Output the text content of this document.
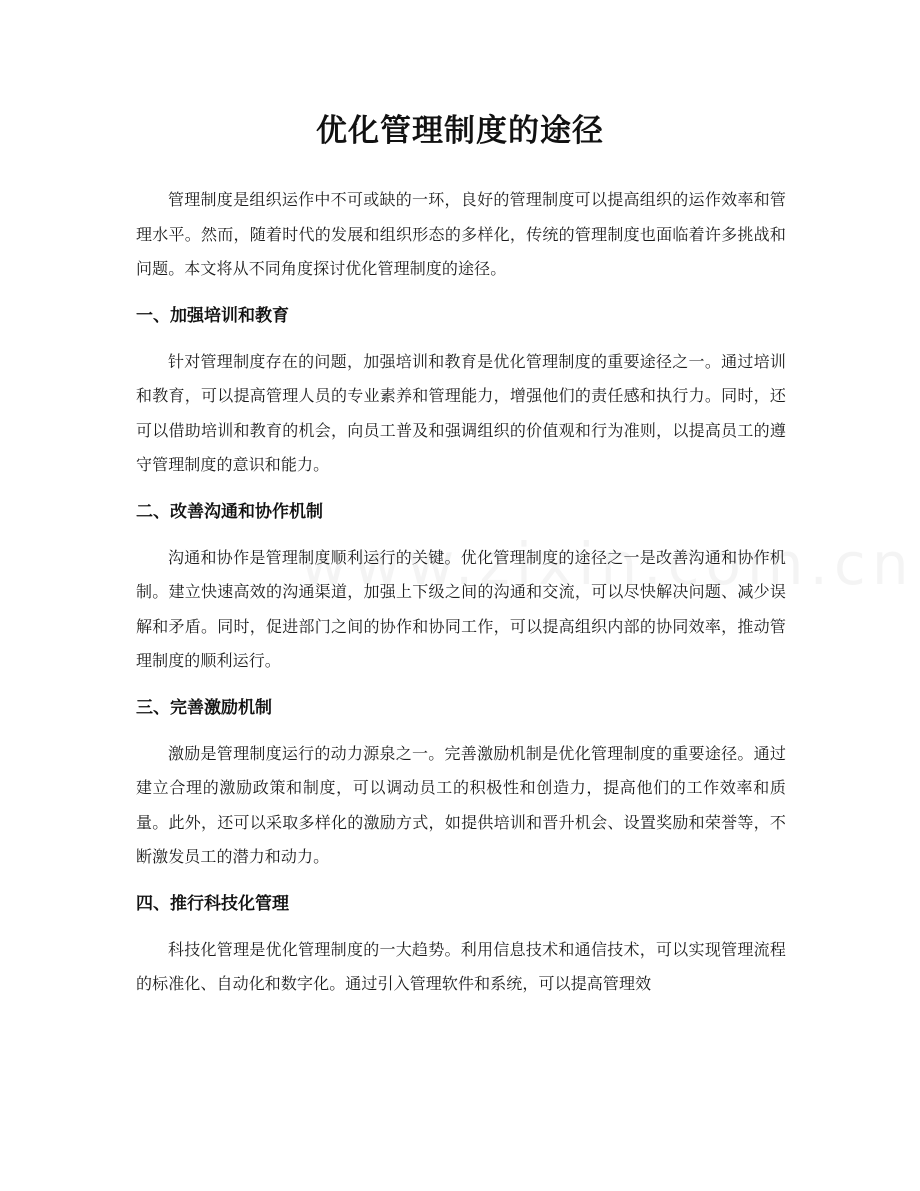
优化管理制度的途径

管理制度是组织运作中不可或缺的一环，良好的管理制度可以提高组织的运作效率和管理水平。然而，随着时代的发展和组织形态的多样化，传统的管理制度也面临着许多挑战和问题。本文将从不同角度探讨优化管理制度的途径。

一、加强培训和教育

针对管理制度存在的问题，加强培训和教育是优化管理制度的重要途径之一。通过培训和教育，可以提高管理人员的专业素养和管理能力，增强他们的责任感和执行力。同时，还可以借助培训和教育的机会，向员工普及和强调组织的价值观和行为准则，以提高员工的遵守管理制度的意识和能力。

二、改善沟通和协作机制

沟通和协作是管理制度顺利运行的关键。优化管理制度的途径之一是改善沟通和协作机制。建立快速高效的沟通渠道，加强上下级之间的沟通和交流，可以尽快解决问题、减少误解和矛盾。同时，促进部门之间的协作和协同工作，可以提高组织内部的协同效率，推动管理制度的顺利运行。

三、完善激励机制

激励是管理制度运行的动力源泉之一。完善激励机制是优化管理制度的重要途径。通过建立合理的激励政策和制度，可以调动员工的积极性和创造力，提高他们的工作效率和质量。此外，还可以采取多样化的激励方式，如提供培训和晋升机会、设置奖励和荣誉等，不断激发员工的潜力和动力。

四、推行科技化管理

科技化管理是优化管理制度的一大趋势。利用信息技术和通信技术，可以实现管理流程的标准化、自动化和数字化。通过引入管理软件和系统，可以提高管理效
